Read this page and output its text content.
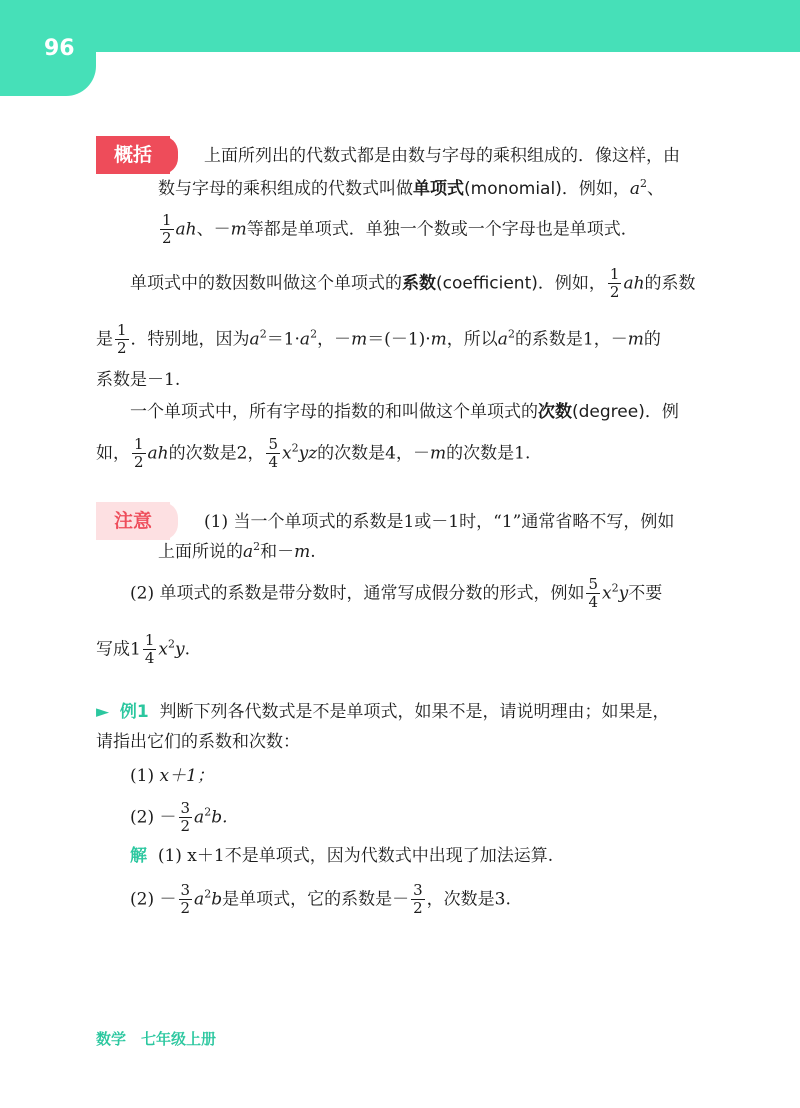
96
概括	上面所列出的代数式都是由数与字母的乘积组成的．像这样，由
数与字母的乘积组成的代数式叫做单项式(monomial)．例如，$a^2$、
$\frac{1}{2}$ ah、－m等都是单项式．单独一个数或一个字母也是单项式．
单项式中的数因数叫做这个单项式的系数(coefficient)．例如， $\frac{1}{2}$ ah的系数
是 $\frac{1}{2}$ ．特别地，因为$a^2=1\cdot a^2$，－m＝(－1)·m，所以$a^2$的系数是1，－m的
系数是－1.
一个单项式中，所有字母的指数的和叫做这个单项式的次数(degree)．例
如， $\frac{1}{2}$ ah的次数是2， $\frac{5}{4} x^2yz$的次数是4，－m的次数是1.
注意	(1) 当一个单项式的系数是1或－1时，“1”通常省略不写，例如
上面所说的$a^2$和－m.
(2) 单项式的系数是带分数时，通常写成假分数的形式，例如 $\frac{5}{4} x^2y$不要
写成$1 \frac{1}{4} x^2y$.
► 例1 判断下列各代数式是不是单项式，如果不是，请说明理由；如果是，
请指出它们的系数和次数：
(1) x＋1；
$(2) - \frac{3}{2} a^2b$.
解 (1) x＋1不是单项式，因为代数式中出现了加法运算.
$(2) - \frac{3}{2} a^2b$是单项式，它的系数是－ $\frac{3}{2}$ ，次数是3.
数学　七年级上册
